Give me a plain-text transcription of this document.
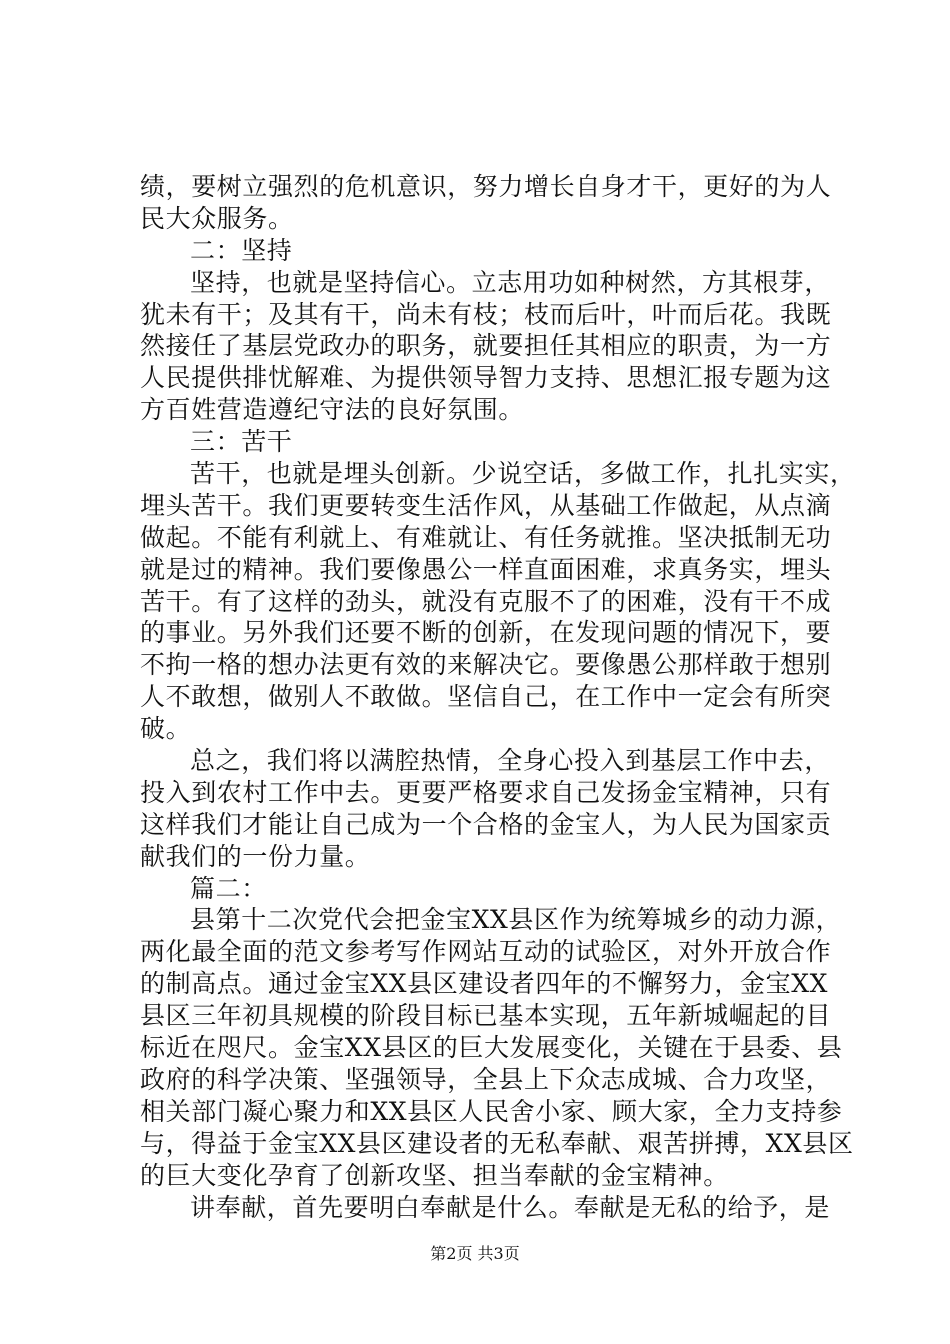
绩，要树立强烈的危机意识，努力增长自身才干，更好的为人
民大众服务。
二：坚持
坚持，也就是坚持信心。立志用功如种树然，方其根芽，
犹未有干；及其有干，尚未有枝；枝而后叶，叶而后花。我既
然接任了基层党政办的职务，就要担任其相应的职责，为一方
人民提供排忧解难、为提供领导智力支持、思想汇报专题为这
方百姓营造遵纪守法的良好氛围。
三：苦干
苦干，也就是埋头创新。少说空话，多做工作，扎扎实实，
埋头苦干。我们更要转变生活作风，从基础工作做起，从点滴
做起。不能有利就上、有难就让、有任务就推。坚决抵制无功
就是过的精神。我们要像愚公一样直面困难，求真务实，埋头
苦干。有了这样的劲头，就没有克服不了的困难，没有干不成
的事业。另外我们还要不断的创新，在发现问题的情况下，要
不拘一格的想办法更有效的来解决它。要像愚公那样敢于想别
人不敢想，做别人不敢做。坚信自己，在工作中一定会有所突
破。
总之，我们将以满腔热情，全身心投入到基层工作中去，
投入到农村工作中去。更要严格要求自己发扬金宝精神，只有
这样我们才能让自己成为一个合格的金宝人，为人民为国家贡
献我们的一份力量。
篇二：
县第十二次党代会把金宝XX县区作为统筹城乡的动力源，
两化最全面的范文参考写作网站互动的试验区，对外开放合作
的制高点。通过金宝XX县区建设者四年的不懈努力，金宝XX
县区三年初具规模的阶段目标已基本实现，五年新城崛起的目
标近在咫尺。金宝XX县区的巨大发展变化，关键在于县委、县
政府的科学决策、坚强领导，全县上下众志成城、合力攻坚，
相关部门凝心聚力和XX县区人民舍小家、顾大家，全力支持参
与，得益于金宝XX县区建设者的无私奉献、艰苦拼搏，XX县区
的巨大变化孕育了创新攻坚、担当奉献的金宝精神。
讲奉献，首先要明白奉献是什么。奉献是无私的给予，是
第2页 共3页
